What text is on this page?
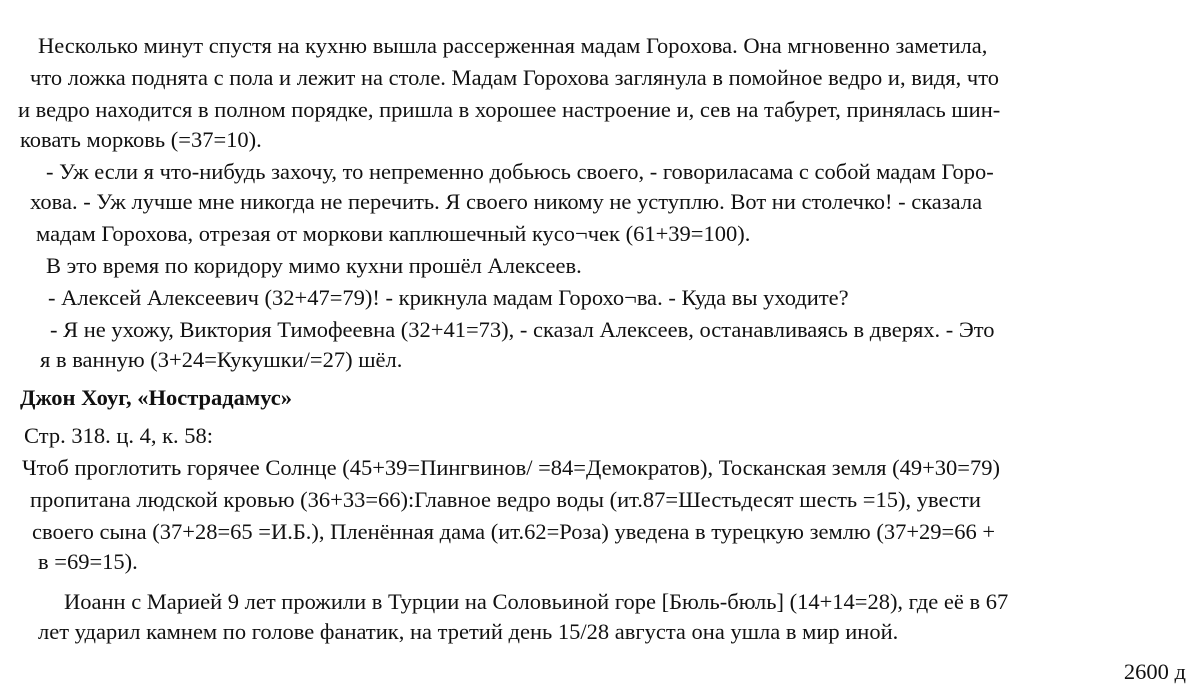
Несколько минут спустя на кухню вышла рассерженная мадам Горохова. Она мгновенно заметила,
что ложка поднята с пола и лежит на столе. Мадам Горохова заглянула в помойное ведро и, видя, что
и ведро находится в полном порядке, пришла в хорошее настроение и, сев на табурет, принялась шин-
ковать морковь (=37=10).
- Уж если я что-нибудь захочу, то непременно добьюсь своего, - говориласама с собой мадам Горо-
хова. - Уж лучше мне никогда не перечить. Я своего никому не уступлю. Вот ни столечко! - сказала
мадам Горохова, отрезая от моркови каплюшечный кусо¬чек (61+39=100).
В это время по коридору мимо кухни прошёл Алексеев.
- Алексей Алексеевич (32+47=79)! - крикнула мадам Горохо¬ва. - Куда вы уходите?
- Я не ухожу, Виктория Тимофеевна (32+41=73), - сказал Алексеев, останавливаясь в дверях. - Это
я в ванную (3+24=Кукушки/=27) шёл.
Джон Хоуг, «Нострадамус»
Стр. 318. ц. 4, к. 58:
Чтоб проглотить горячее Солнце (45+39=Пингвинов/ =84=Демократов), Тосканская земля (49+30=79)
пропитана людской кровью (36+33=66):Главное ведро воды (ит.87=Шестьдесят шесть =15), увести
своего сына (37+28=65 =И.Б.), Пленённая дама (ит.62=Роза) уведена в турецкую землю (37+29=66 +
в =69=15).
Иоанн с Марией 9 лет прожили в Турции на Соловьиной горе [Бюль-бюль] (14+14=28), где её в 67
лет ударил камнем по голове фанатик, на третий день 15/28 августа она ушла в мир иной.
2600 д
